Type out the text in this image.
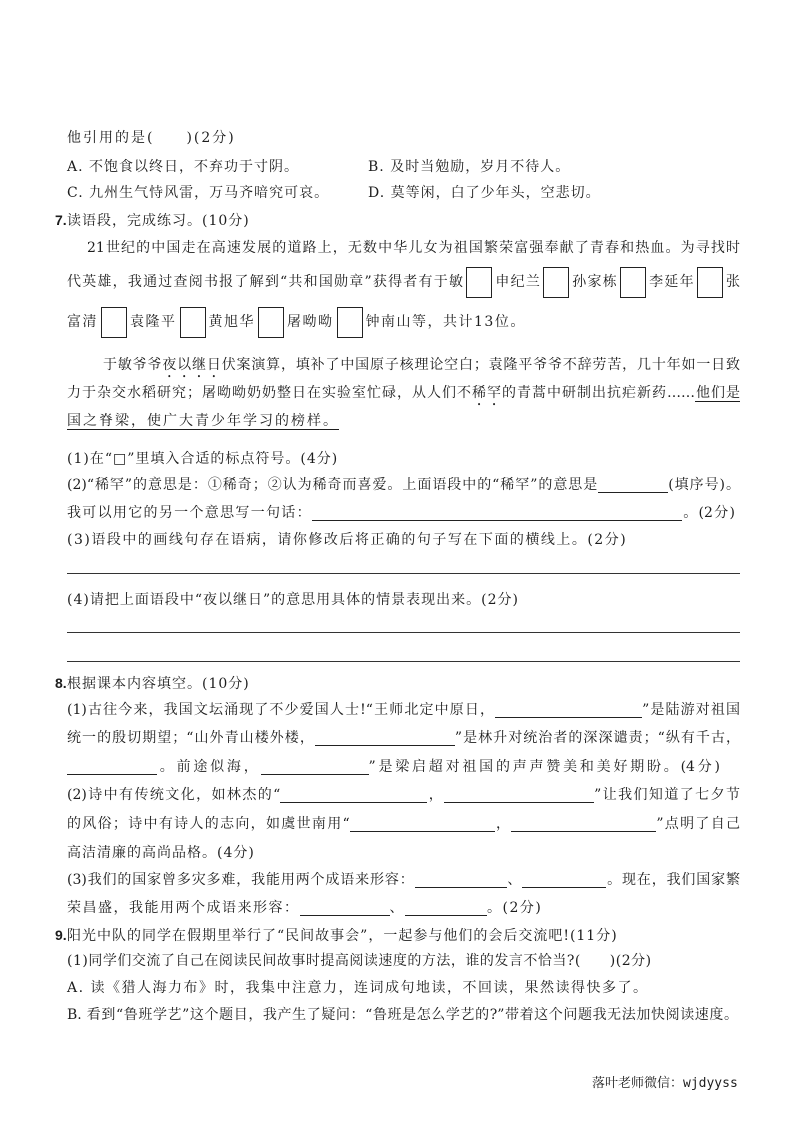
他引用的是(　　)(2分)
A. 不饱食以终日，不弃功于寸阴。	B. 及时当勉励，岁月不待人。
C. 九州生气恃风雷，万马齐喑究可哀。	D. 莫等闲，白了少年头，空悲切。
7.读语段，完成练习。(10分)
21世纪的中国走在高速发展的道路上，无数中华儿女为祖国繁荣富强奉献了青春和热血。为寻找时
代英雄，我通过查阅书报了解到“共和国勋章”获得者有于敏 申纪兰 孙家栋 李延年 张
富清 袁隆平 黄旭华 屠呦呦 钟南山等，共计13位。
于敏爷爷夜以继日伏案演算，填补了中国原子核理论空白；袁隆平爷爷不辞劳苦，几十年如一日致
力于杂交水稻研究；屠呦呦奶奶整日在实验室忙碌，从人们不稀罕的青蒿中研制出抗疟新药……他们是
国之脊梁，使广大青少年学习的榜样。
(1)在“□”里填入合适的标点符号。(4分)
(2)“稀罕”的意思是：①稀奇；②认为稀奇而喜爱。上面语段中的“稀罕”的意思是	(填序号)。
我可以用它的另一个意思写一句话：	。(2分)
(3)语段中的画线句存在语病，请你修改后将正确的句子写在下面的横线上。(2分)
(4)请把上面语段中“夜以继日”的意思用具体的情景表现出来。(2分)
8.根据课本内容填空。(10分)
(1)古往今来，我国文坛涌现了不少爱国人士!“王师北定中原日，	”是陆游对祖国
统一的殷切期望；“山外青山楼外楼，	”是林升对统治者的深深谴责；“纵有千古，
。前途似海，	”是梁启超对祖国的声声赞美和美好期盼。(4分)
(2)诗中有传统文化，如林杰的“	，	”让我们知道了七夕节
的风俗；诗中有诗人的志向，如虞世南用“	，	”点明了自己
高洁清廉的高尚品格。(4分)
(3)我们的国家曾多灾多难，我能用两个成语来形容：	、	。现在，我们国家繁
荣昌盛，我能用两个成语来形容：	、	。(2分)
9.阳光中队的同学在假期里举行了“民间故事会”，一起参与他们的会后交流吧!(11分)
(1)同学们交流了自己在阅读民间故事时提高阅读速度的方法，谁的发言不恰当?(　　)(2分)
A. 读《猎人海力布》时，我集中注意力，连词成句地读，不回读，果然读得快多了。
B. 看到“鲁班学艺”这个题目，我产生了疑问：“鲁班是怎么学艺的?”带着这个问题我无法加快阅读速度。
落叶老师微信：wjdyyss
